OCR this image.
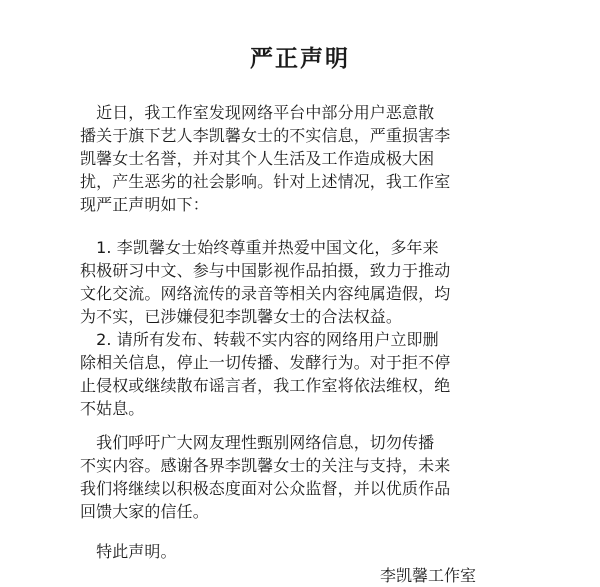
严正声明
　近日，我工作室发现网络平台中部分用户恶意散
播关于旗下艺人李凯馨女士的不实信息，严重损害李
凯馨女士名誉，并对其个人生活及工作造成极大困
扰，产生恶劣的社会影响。针对上述情况，我工作室
现严正声明如下：
　1. 李凯馨女士始终尊重并热爱中国文化，多年来
积极研习中文、参与中国影视作品拍摄，致力于推动
文化交流。网络流传的录音等相关内容纯属造假，均
为不实，已涉嫌侵犯李凯馨女士的合法权益。
　2. 请所有发布、转载不实内容的网络用户立即删
除相关信息，停止一切传播、发酵行为。对于拒不停
止侵权或继续散布谣言者，我工作室将依法维权，绝
不姑息。
　我们呼吁广大网友理性甄别网络信息，切勿传播
不实内容。感谢各界李凯馨女士的关注与支持，未来
我们将继续以积极态度面对公众监督，并以优质作品
回馈大家的信任。
　特此声明。
李凯馨工作室
